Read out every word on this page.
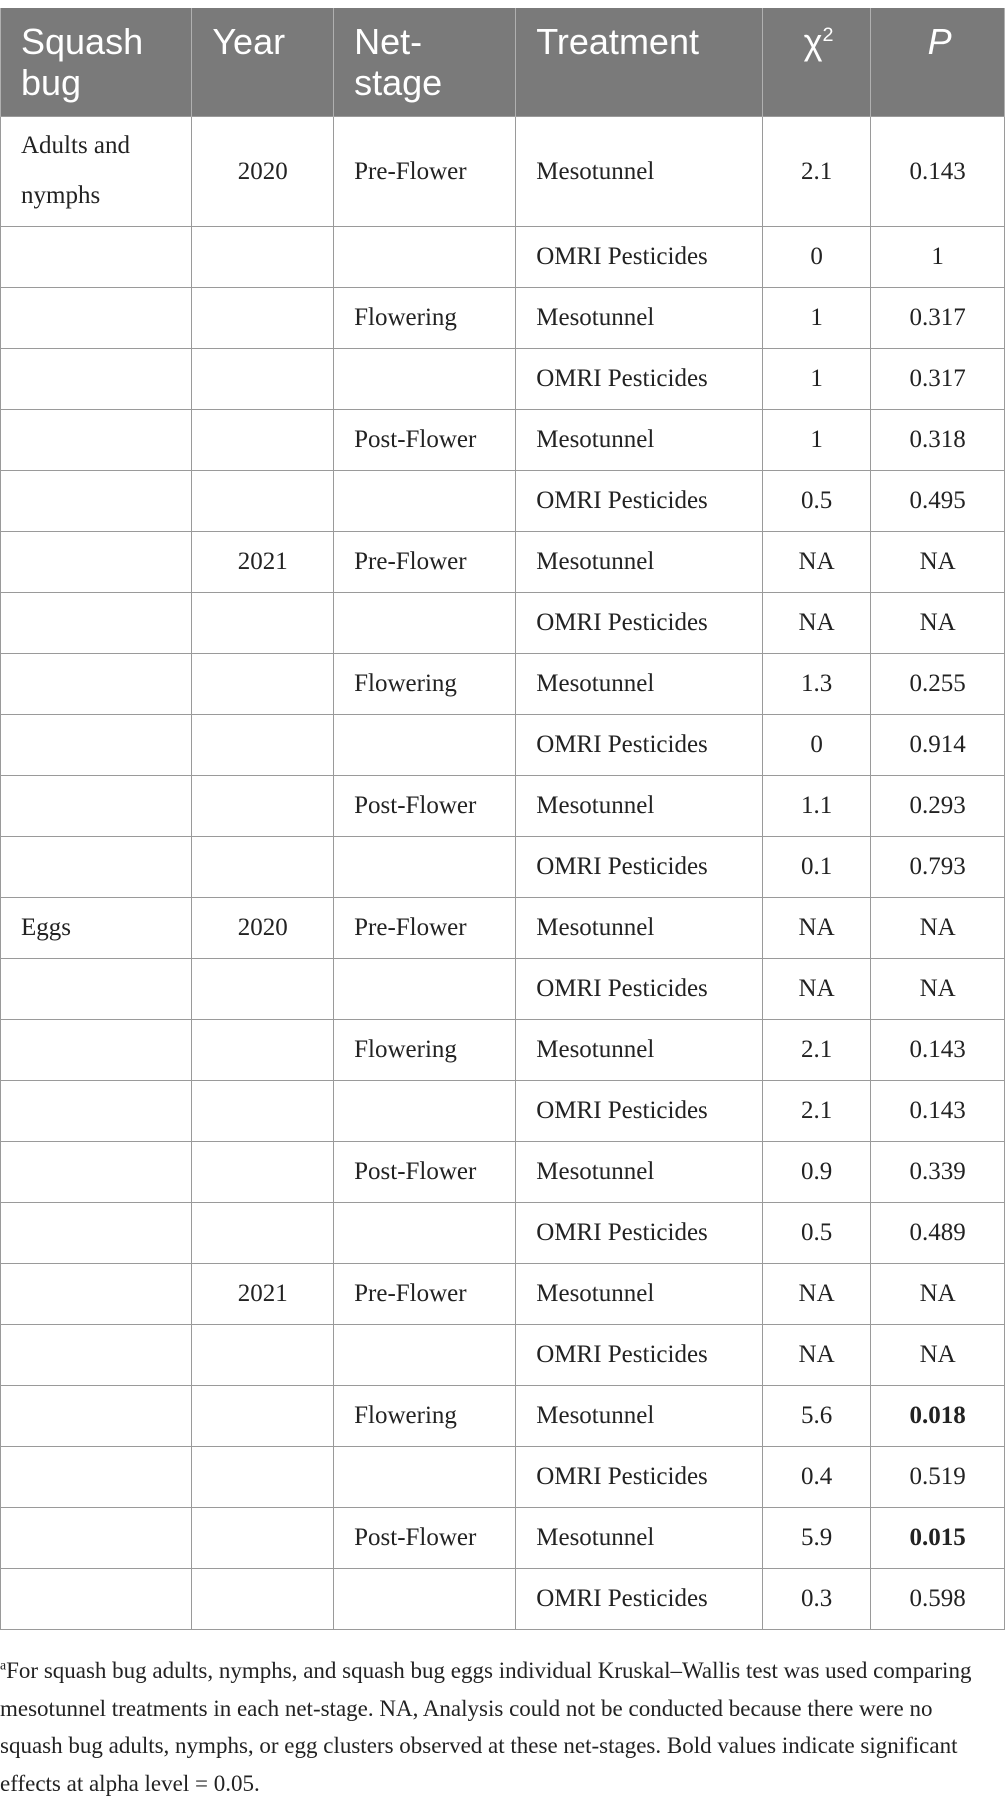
Squash bug	Year	Net-stage	Treatment	$\chi^2$	P
Adults and nymphs	2020	Pre-Flower	Mesotunnel	2.1	0.143
			OMRI Pesticides	0	1
		Flowering	Mesotunnel	1	0.317
			OMRI Pesticides	1	0.317
		Post-Flower	Mesotunnel	1	0.318
			OMRI Pesticides	0.5	0.495
	2021	Pre-Flower	Mesotunnel	NA	NA
			OMRI Pesticides	NA	NA
		Flowering	Mesotunnel	1.3	0.255
			OMRI Pesticides	0	0.914
		Post-Flower	Mesotunnel	1.1	0.293
			OMRI Pesticides	0.1	0.793
Eggs	2020	Pre-Flower	Mesotunnel	NA	NA
			OMRI Pesticides	NA	NA
		Flowering	Mesotunnel	2.1	0.143
			OMRI Pesticides	2.1	0.143
		Post-Flower	Mesotunnel	0.9	0.339
			OMRI Pesticides	0.5	0.489
	2021	Pre-Flower	Mesotunnel	NA	NA
			OMRI Pesticides	NA	NA
		Flowering	Mesotunnel	5.6	0.018
			OMRI Pesticides	0.4	0.519
		Post-Flower	Mesotunnel	5.9	0.015
			OMRI Pesticides	0.3	0.598
$^a$For squash bug adults, nymphs, and squash bug eggs individual Kruskal–Wallis test was used comparing mesotunnel treatments in each net-stage. NA, Analysis could not be conducted because there were no squash bug adults, nymphs, or egg clusters observed at these net-stages. Bold values indicate significant effects at alpha level = 0.05.
